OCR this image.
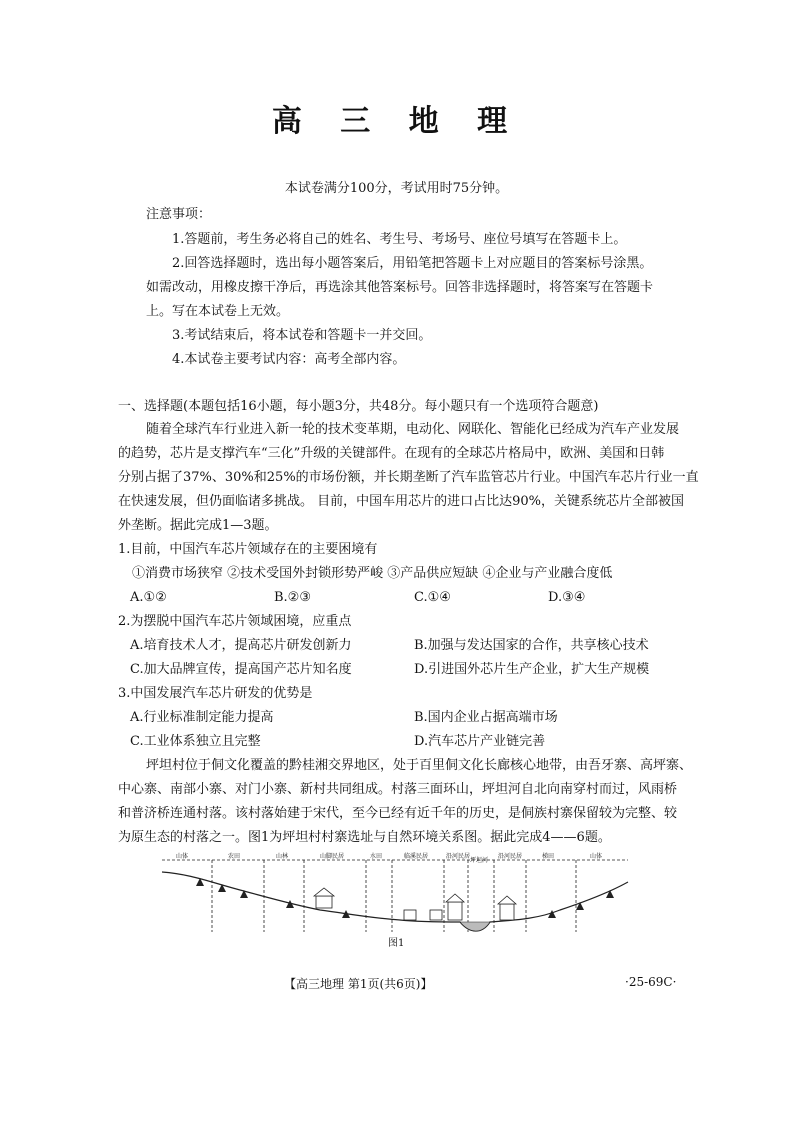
高 三 地 理
本试卷满分100分，考试用时75分钟。
注意事项：
1.答题前，考生务必将自己的姓名、考生号、考场号、座位号填写在答题卡上。
2.回答选择题时，选出每小题答案后，用铅笔把答题卡上对应题目的答案标号涂黑。
如需改动，用橡皮擦干净后，再选涂其他答案标号。回答非选择题时，将答案写在答题卡
上。写在本试卷上无效。
3.考试结束后，将本试卷和答题卡一并交回。
4.本试卷主要考试内容：高考全部内容。
一、选择题(本题包括16小题，每小题3分，共48分。每小题只有一个选项符合题意)
随着全球汽车行业进入新一轮的技术变革期，电动化、网联化、智能化已经成为汽车产业发展
的趋势，芯片是支撑汽车“三化”升级的关键部件。在现有的全球芯片格局中，欧洲、美国和日韩
分别占据了37%、30%和25%的市场份额，并长期垄断了汽车监管芯片行业。中国汽车芯片行业一直
在快速发展，但仍面临诸多挑战。 目前，中国车用芯片的进口占比达90%，关键系统芯片全部被国
外垄断。据此完成1—3题。
1.目前，中国汽车芯片领域存在的主要困境有
①消费市场狭窄 ②技术受国外封锁形势严峻 ③产品供应短缺 ④企业与产业融合度低
A.①②	B.②③	C.①④	D.③④
2.为摆脱中国汽车芯片领域困境，应重点
A.培育技术人才，提高芯片研发创新力	B.加强与发达国家的合作，共享核心技术
C.加大品牌宣传，提高国产芯片知名度	D.引进国外芯片生产企业，扩大生产规模
3.中国发展汽车芯片研发的优势是
A.行业标准制定能力提高	B.国内企业占据高端市场
C.工业体系独立且完整	D.汽车芯片产业链完善
坪坦村位于侗文化覆盖的黔桂湘交界地区，处于百里侗文化长廊核心地带，由吾牙寨、高坪寨、
中心寨、南部小寨、对门小寨、新村共同组成。村落三面环山，坪坦河自北向南穿村而过，风雨桥
和普济桥连通村落。该村落始建于宋代，至今已经有近千年的历史，是侗族村寨保留较为完整、较
为原生态的村落之一。图1为坪坦村村寨选址与自然环境关系图。据此完成4——6题。
山体	农田	山林	山脚民居	水田	临溪民居	沿河民居
坪坦河
沿河民居	梯田	山体
图1
【高三地理 第1页(共6页)】	·25-69C·
